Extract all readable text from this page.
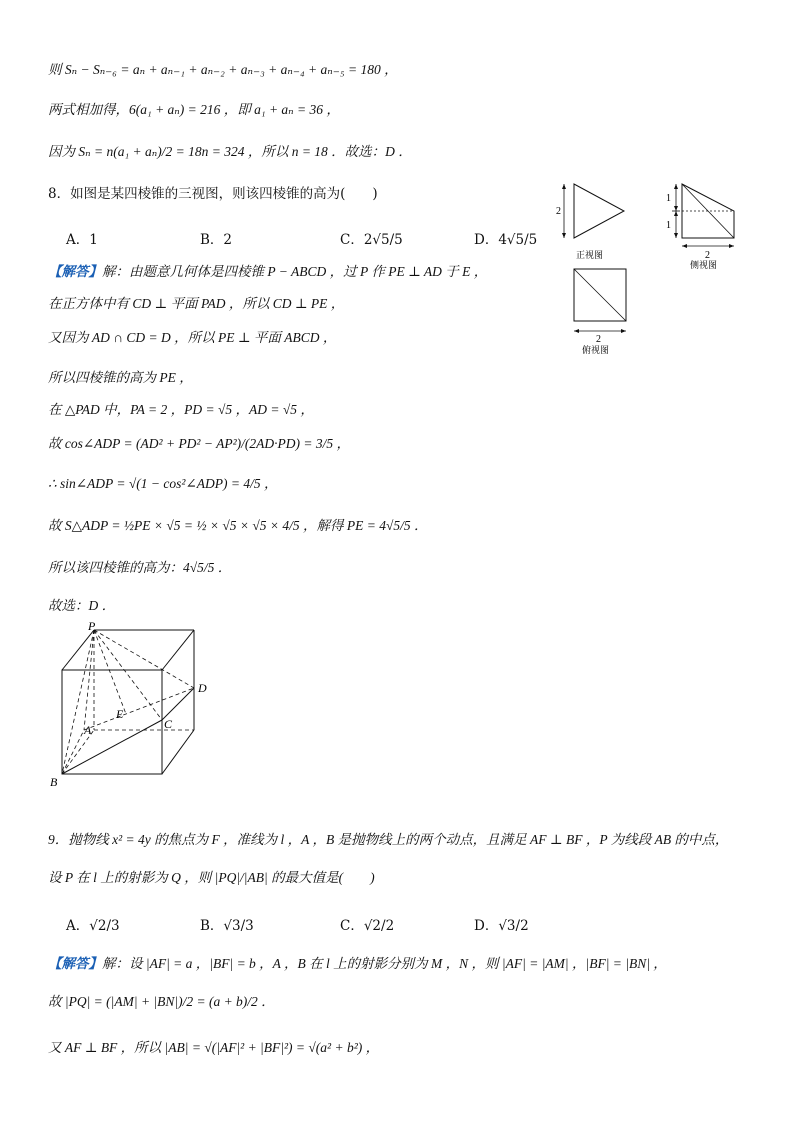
则 Sₙ − Sₙ₋₆ = aₙ + aₙ₋₁ + aₙ₋₂ + aₙ₋₃ + aₙ₋₄ + aₙ₋₅ = 180 ，
两式相加得，6(a₁ + aₙ) = 216 ，即 a₁ + aₙ = 36 ，
因为 Sₙ = n(a₁ + aₙ)/2 = 18n = 324 ，所以 n = 18 ．故选：D ．
8．如图是某四棱锥的三视图，则该四棱锥的高为(　　)
A．1	B．2	C．2√5/5	D．4√5/5
【解答】解：由题意几何体是四棱锥 P − ABCD ，过 P 作 PE ⊥ AD 于 E ，
在正方体中有 CD ⊥ 平面 PAD ，所以 CD ⊥ PE ，
又因为 AD ∩ CD = D ，所以 PE ⊥ 平面 ABCD ，
所以四棱锥的高为 PE ，
在 △PAD 中，PA = 2 ，PD = √5 ，AD = √5 ，
故 cos∠ADP = (AD² + PD² − AP²)/(2AD·PD) = 3/5 ，
∴ sin∠ADP = √(1 − cos²∠ADP) = 4/5 ，
故 S△ADP = ½PE × √5 = ½ × √5 × √5 × 4/5 ，解得 PE = 4√5/5 ．
所以该四棱锥的高为：4√5/5 ．
故选：D ．
2
正视图
1
1
2
侧视图
2
俯视图
P
D
E
A	C
B
9．抛物线 x² = 4y 的焦点为 F ，准线为 l ，A ，B 是抛物线上的两个动点，且满足 AF ⊥ BF ，P 为线段 AB 的中点，
设 P 在 l 上的射影为 Q ，则 |PQ|/|AB| 的最大值是(　　)
A．√2/3	B．√3/3	C．√2/2	D．√3/2
【解答】解：设 |AF| = a ，|BF| = b ，A ，B 在 l 上的射影分别为 M ，N ，则 |AF| = |AM| ，|BF| = |BN| ，
故 |PQ| = (|AM| + |BN|)/2 = (a + b)/2 ．
又 AF ⊥ BF ，所以 |AB| = √(|AF|² + |BF|²) = √(a² + b²) ，
